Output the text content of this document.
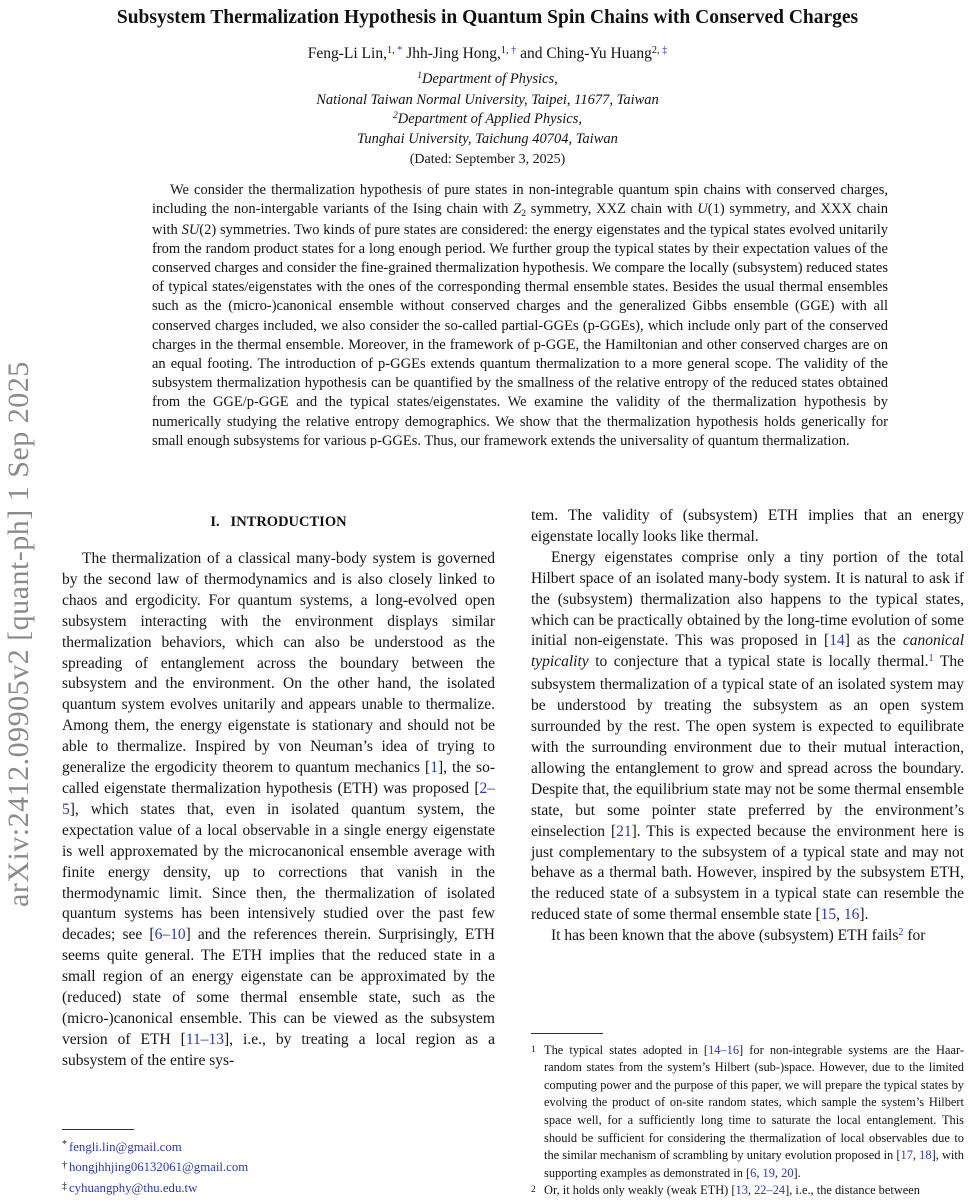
arXiv:2412.09905v2 [quant-ph] 1 Sep 2025
Subsystem Thermalization Hypothesis in Quantum Spin Chains with Conserved Charges
Feng-Li Lin,$^{1,}$ * Jhh-Jing Hong,$^{1,}$ † and Ching-Yu Huang$^{2,}$ ‡
$^1$Department of Physics,
National Taiwan Normal University, Taipei, 11677, Taiwan
$^2$Department of Applied Physics,
Tunghai University, Taichung 40704, Taiwan
(Dated: September 3, 2025)
We consider the thermalization hypothesis of pure states in non-integrable quantum spin chains with conserved charges, including the non-intergable variants of the Ising chain with Z2 symmetry, XXZ chain with U(1) symmetry, and XXX chain with SU(2) symmetries. Two kinds of pure states are considered: the energy eigenstates and the typical states evolved unitarily from the random product states for a long enough period. We further group the typical states by their expectation values of the conserved charges and consider the fine-grained thermalization hypothesis. We compare the locally (subsystem) reduced states of typical states/eigenstates with the ones of the corresponding thermal ensemble states. Besides the usual thermal ensembles such as the (micro-)canonical ensemble without conserved charges and the generalized Gibbs ensemble (GGE) with all conserved charges included, we also consider the so-called partial-GGEs (p-GGEs), which include only part of the conserved charges in the thermal ensemble. Moreover, in the framework of p-GGE, the Hamiltonian and other conserved charges are on an equal footing. The introduction of p-GGEs extends quantum thermalization to a more general scope. The validity of the subsystem thermalization hypothesis can be quantified by the smallness of the relative entropy of the reduced states obtained from the GGE/p-GGE and the typical states/eigenstates. We examine the validity of the thermalization hypothesis by numerically studying the relative entropy demographics. We show that the thermalization hypothesis holds generically for small enough subsystems for various p-GGEs. Thus, our framework extends the universality of quantum thermalization.
I.   INTRODUCTION

The thermalization of a classical many-body system is governed by the second law of thermodynamics and is also closely linked to chaos and ergodicity. For quantum systems, a long-evolved open subsystem interacting with the environment displays similar thermalization behaviors, which can also be understood as the spreading of entanglement across the boundary between the subsystem and the environment. On the other hand, the isolated quantum system evolves unitarily and appears unable to thermalize. Among them, the energy eigenstate is stationary and should not be able to thermalize. Inspired by von Neuman’s idea of trying to generalize the ergodicity theorem to quantum mechanics [1], the so-called eigenstate thermalization hypothesis (ETH) was proposed [2–5], which states that, even in isolated quantum system, the expectation value of a local observable in a single energy eigenstate is well approxemated by the microcanonical ensemble average with finite energy density, up to corrections that vanish in the thermodynamic limit. Since then, the thermalization of isolated quantum systems has been intensively studied over the past few decades; see [6–10] and the references therein. Surprisingly, ETH seems quite general. The ETH implies that the reduced state in a small region of an energy eigenstate can be approximated by the (reduced) state of some thermal ensemble state, such as the (micro-)canonical ensemble. This can be viewed as the subsystem version of ETH [11–13], i.e., by treating a local region as a subsystem of the entire sys-

* fengli.lin@gmail.com
† hongjhhjing06132061@gmail.com
‡ cyhuangphy@thu.edu.tw

tem. The validity of (subsystem) ETH implies that an energy eigenstate locally looks like thermal.

Energy eigenstates comprise only a tiny portion of the total Hilbert space of an isolated many-body system. It is natural to ask if the (subsystem) thermalization also happens to the typical states, which can be practically obtained by the long-time evolution of some initial non-eigenstate. This was proposed in [14] as the canonical typicality to conjecture that a typical state is locally thermal.$^1$ The subsystem thermalization of a typical state of an isolated system may be understood by treating the subsystem as an open system surrounded by the rest. The open system is expected to equilibrate with the surrounding environment due to their mutual interaction, allowing the entanglement to grow and spread across the boundary. Despite that, the equilibrium state may not be some thermal ensemble state, but some pointer state preferred by the environment’s einselection [21]. This is expected because the environment here is just complementary to the subsystem of a typical state and may not behave as a thermal bath. However, inspired by the subsystem ETH, the reduced state of a subsystem in a typical state can resemble the reduced state of some thermal ensemble state [15, 16].

It has been known that the above (subsystem) ETH fails$^2$ for

1 The typical states adopted in [14–16] for non-integrable systems are the Haar-random states from the system’s Hilbert (sub-)space. However, due to the limited computing power and the purpose of this paper, we will prepare the typical states by evolving the product of on-site random states, which sample the system’s Hilbert space well, for a sufficiently long time to saturate the local entanglement. This should be sufficient for considering the thermalization of local observables due to the similar mechanism of scrambling by unitary evolution proposed in [17, 18], with supporting examples as demonstrated in [6, 19, 20].
2 Or, it holds only weakly (weak ETH) [13, 22–24], i.e., the distance between
